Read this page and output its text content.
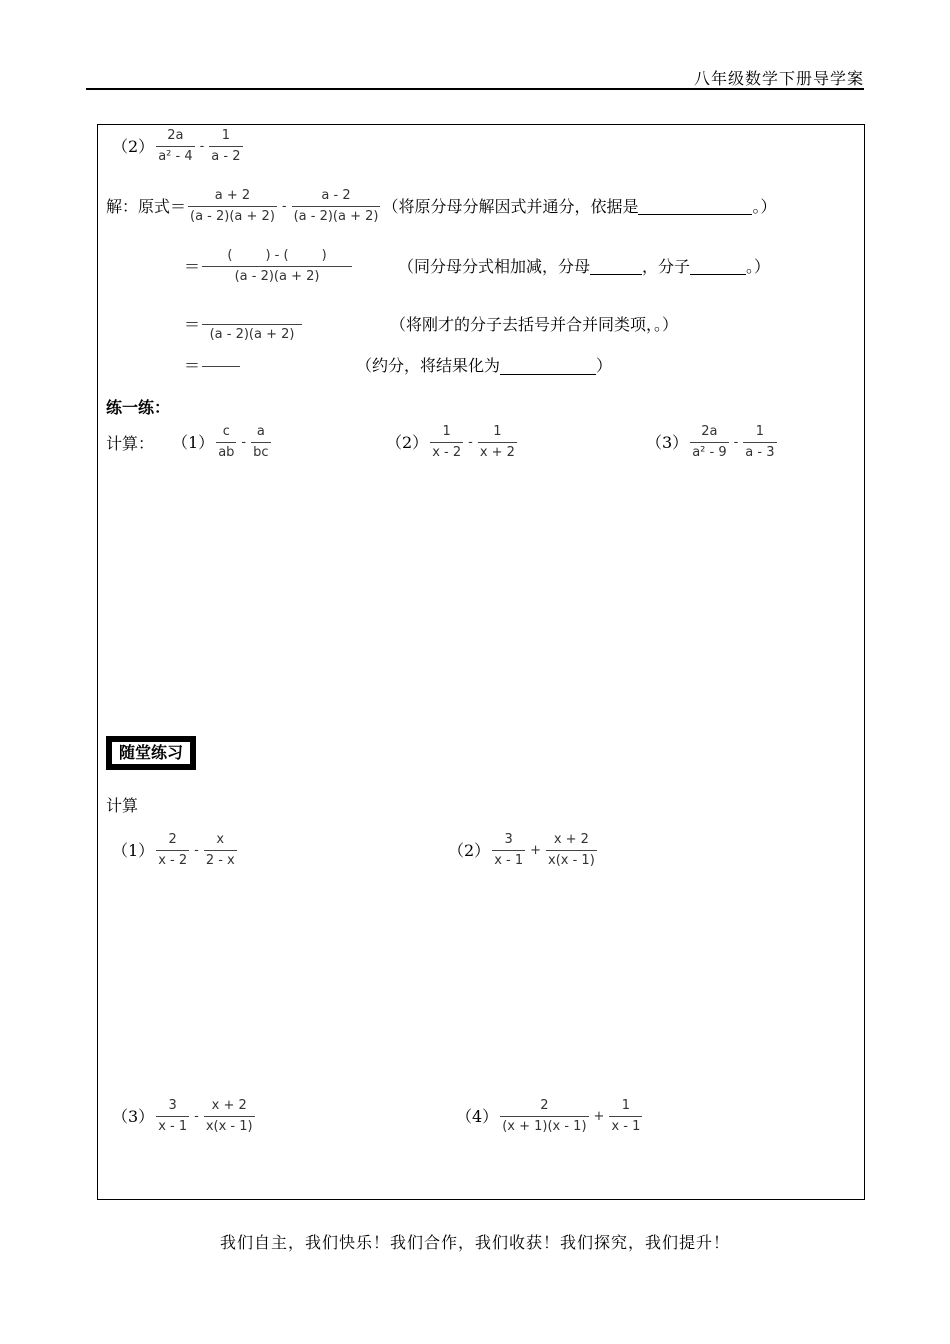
八年级数学下册导学案
$(2) \frac{2a}{\text{a² - 4}} - \frac{1}{a - 2}$
解：原式＝ $\frac{a + 2}{(a - 2)(a + 2)} - \frac{a - 2}{(a - 2)(a + 2)}$ （将原分母分解因式并通分，依据是	。）
＝ $\frac{( ) - ( )}{(a - 2)(a + 2)}$	（同分母分式相加减，分母	，分子	。）
＝
(a - 2)(a + 2)
（将刚才的分子去括号并合并同类项，。）
＝	（约分，将结果化为	）
练一练：
计算： $(1) \frac{c}{ab} - \frac{a}{bc}$	$(2) \frac{1}{x - 2} - \frac{1}{x + 2}$	$(3) \frac{2a}{\text{a² - 9}} - \frac{1}{a - 3}$
随堂练习
计算
$(1) \frac{2}{x - 2} - \frac{x}{2 - x}$	$(2) \frac{3}{x - 1} + \frac{x + 2}{x(x - 1)}$
$(3) \frac{3}{x - 1} - \frac{x + 2}{x(x - 1)}$	$(4) \frac{2}{(x + 1)(x - 1)} + \frac{1}{x - 1}$
我们自主，我们快乐！我们合作，我们收获！我们探究，我们提升！
